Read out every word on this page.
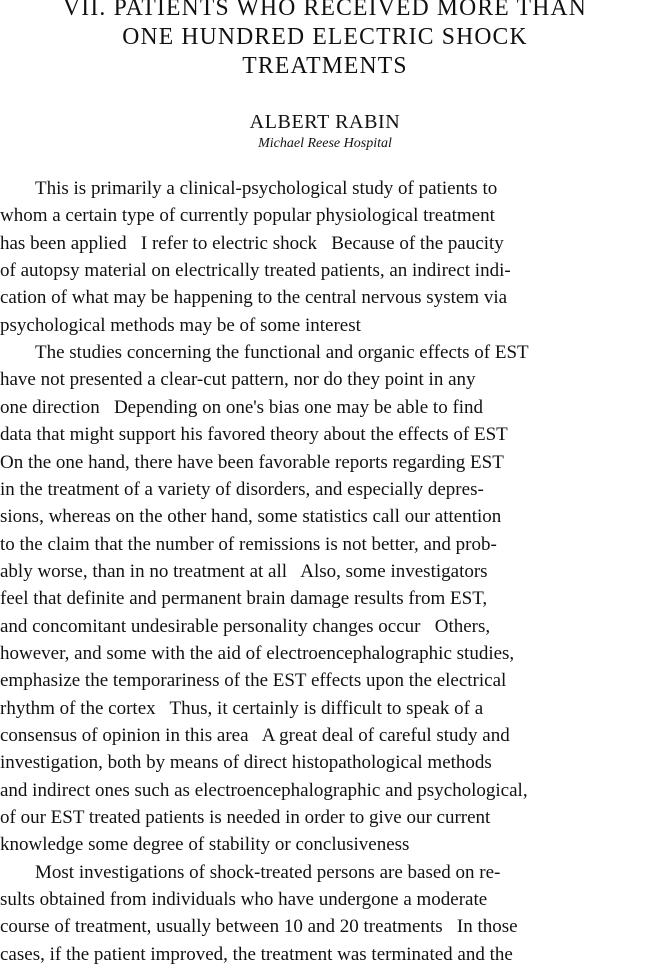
VII. PATIENTS WHO RECEIVED MORE THAN
ONE HUNDRED ELECTRIC SHOCK
TREATMENTS
ALBERT RABIN
Michael Reese Hospital
This is primarily a clinical-psychological study of patients to
whom a certain type of currently popular physiological treatment
has been applied   I refer to electric shock   Because of the paucity
of autopsy material on electrically treated patients, an indirect indi-
cation of what may be happening to the central nervous system via
psychological methods may be of some interest
The studies concerning the functional and organic effects of EST
have not presented a clear-cut pattern, nor do they point in any
one direction   Depending on one's bias one may be able to find
data that might support his favored theory about the effects of EST
On the one hand, there have been favorable reports regarding EST
in the treatment of a variety of disorders, and especially depres-
sions, whereas on the other hand, some statistics call our attention
to the claim that the number of remissions is not better, and prob-
ably worse, than in no treatment at all   Also, some investigators
feel that definite and permanent brain damage results from EST,
and concomitant undesirable personality changes occur   Others,
however, and some with the aid of electroencephalographic studies,
emphasize the temporariness of the EST effects upon the electrical
rhythm of the cortex   Thus, it certainly is difficult to speak of a
consensus of opinion in this area   A great deal of careful study and
investigation, both by means of direct histopathological methods
and indirect ones such as electroencephalographic and psychological,
of our EST treated patients is needed in order to give our current
knowledge some degree of stability or conclusiveness
Most investigations of shock-treated persons are based on re-
sults obtained from individuals who have undergone a moderate
course of treatment, usually between 10 and 20 treatments   In those
cases, if the patient improved, the treatment was terminated and the
